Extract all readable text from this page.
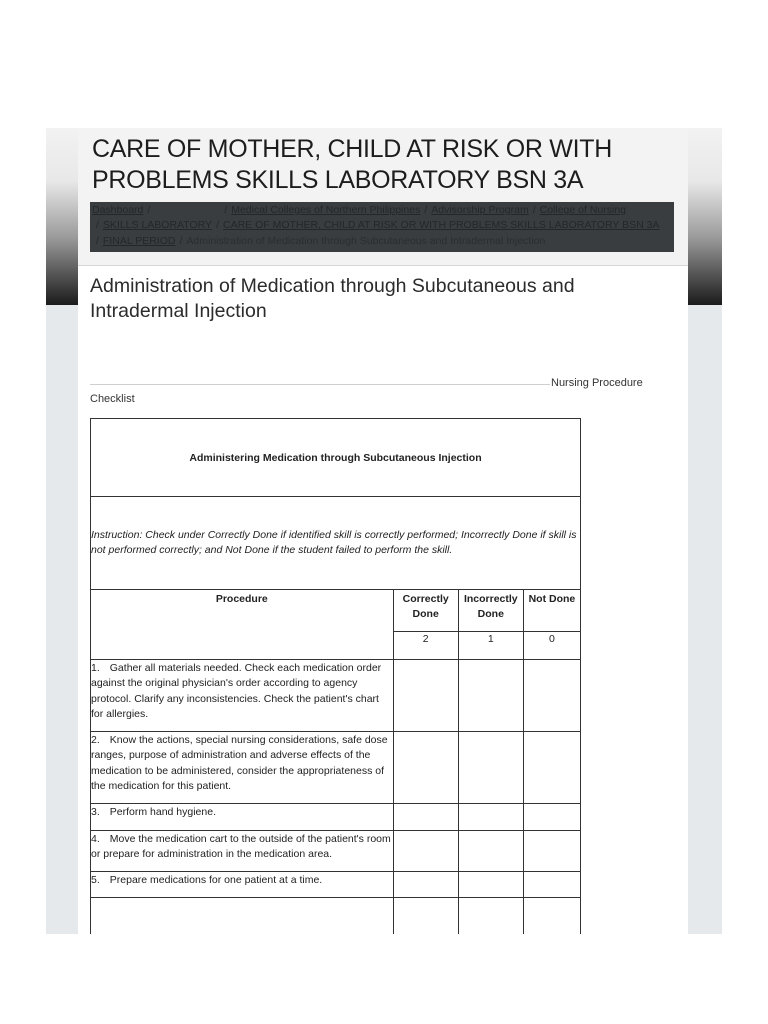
CARE OF MOTHER, CHILD AT RISK OR WITH PROBLEMS SKILLS LABORATORY BSN 3A
Dashboard /	/ Medical Colleges of Northern Philippines / Advisorship Program / College of Nursing
/ SKILLS LABORATORY / CARE OF MOTHER, CHILD AT RISK OR WITH PROBLEMS SKILLS LABORATORY BSN 3A
/ FINAL PERIOD / Administration of Medication through Subcutaneous and Intradermal Injection
Administration of Medication through Subcutaneous and Intradermal Injection
Nursing Procedure
Checklist
Administering Medication through Subcutaneous Injection			
Instruction: Check under Correctly Done if identified skill is correctly performed; Incorrectly Done if skill is not performed correctly; and Not Done if the student failed to perform the skill.			
Procedure	Correctly Done	Incorrectly Done	Not Done
	2	1	0
1. Gather all materials needed. Check each medication order against the original physician's order according to agency protocol. Clarify any inconsistencies. Check the patient's chart for allergies.			
2. Know the actions, special nursing considerations, safe dose ranges, purpose of administration and adverse effects of the medication to be administered, consider the appropriateness of the medication for this patient.			
3. Perform hand hygiene.			
4. Move the medication cart to the outside of the patient's room or prepare for administration in the medication area.			
5. Prepare medications for one patient at a time.			
